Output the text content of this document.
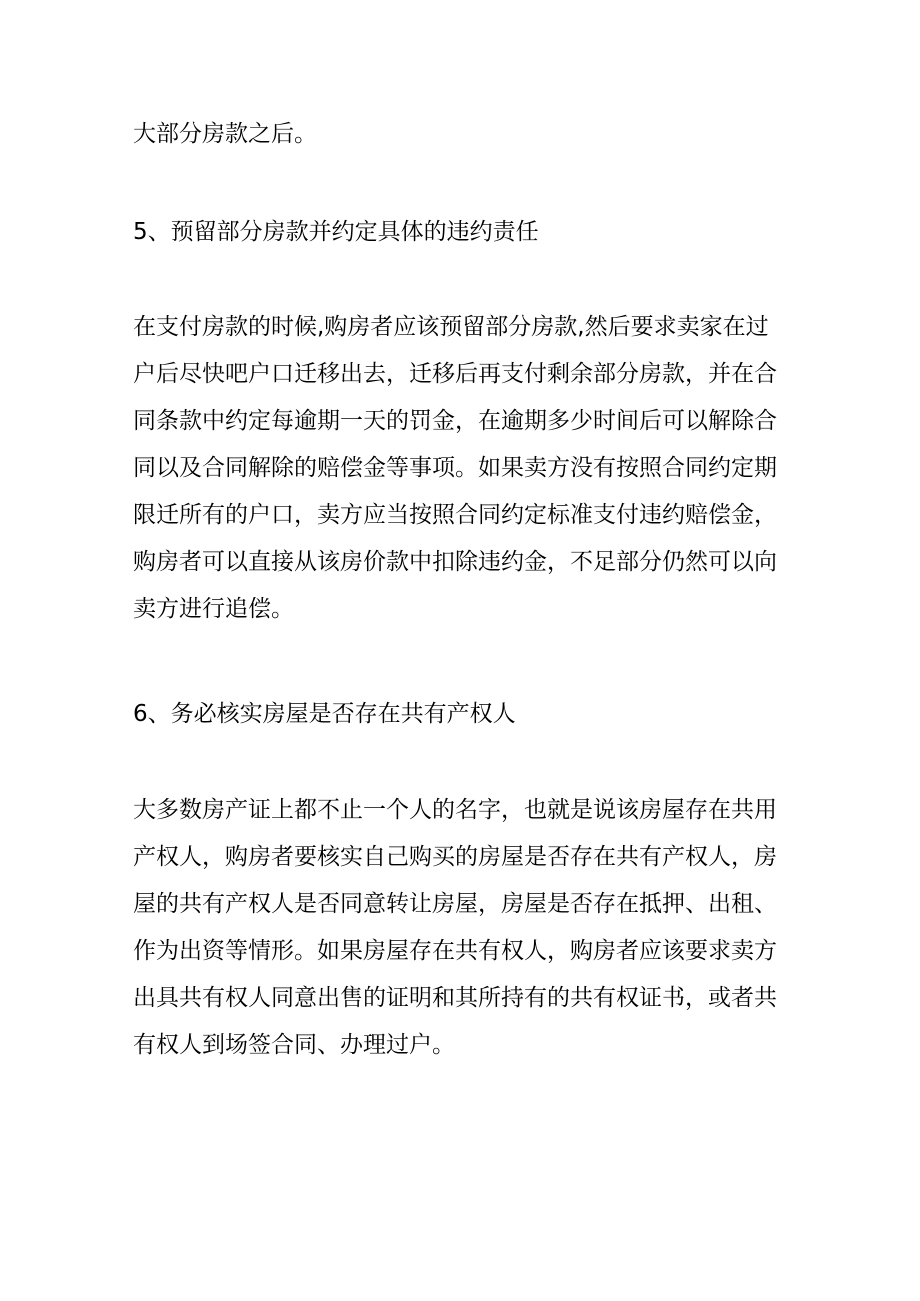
大部分房款之后。
5、预留部分房款并约定具体的违约责任
在支付房款的时候,购房者应该预留部分房款,然后要求卖家在过
户后尽快吧户口迁移出去，迁移后再支付剩余部分房款，并在合
同条款中约定每逾期一天的罚金，在逾期多少时间后可以解除合
同以及合同解除的赔偿金等事项。如果卖方没有按照合同约定期
限迁所有的户口，卖方应当按照合同约定标准支付违约赔偿金，
购房者可以直接从该房价款中扣除违约金，不足部分仍然可以向
卖方进行追偿。
6、务必核实房屋是否存在共有产权人
大多数房产证上都不止一个人的名字，也就是说该房屋存在共用
产权人，购房者要核实自己购买的房屋是否存在共有产权人，房
屋的共有产权人是否同意转让房屋，房屋是否存在抵押、出租、
作为出资等情形。如果房屋存在共有权人，购房者应该要求卖方
出具共有权人同意出售的证明和其所持有的共有权证书，或者共
有权人到场签合同、办理过户。
